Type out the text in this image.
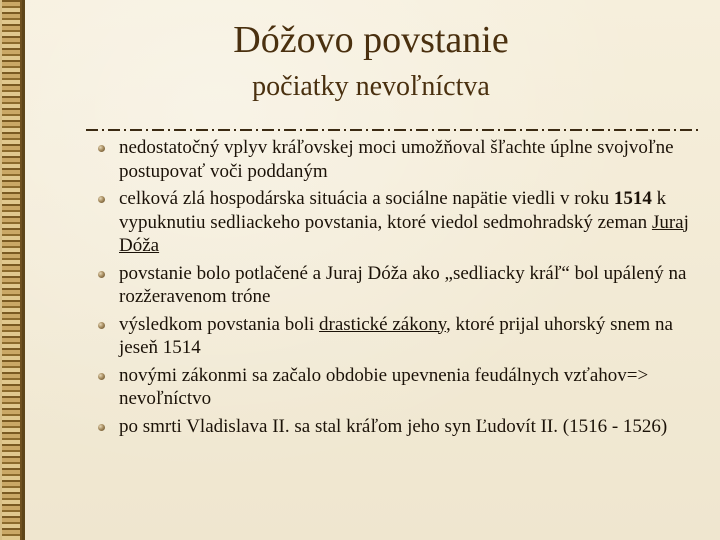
Dóžovo povstanie
počiatky nevoľníctva
nedostatočný vplyv kráľovskej moci umožňoval šľachte úplne svojvoľne postupovať voči poddaným
celková zlá hospodárska situácia a sociálne napätie viedli v roku 1514 k vypuknutiu sedliackeho povstania, ktoré viedol sedmohradský zeman Juraj Dóža
povstanie bolo potlačené a Juraj Dóža ako „sedliacky kráľ“ bol upálený na rozžeravenom tróne
výsledkom povstania boli drastické zákony, ktoré prijal uhorský snem na jeseň 1514
novými zákonmi sa začalo obdobie upevnenia feudálnych vzťahov=> nevoľníctvo
po smrti Vladislava II. sa stal kráľom jeho syn Ľudovít II. (1516 - 1526)
